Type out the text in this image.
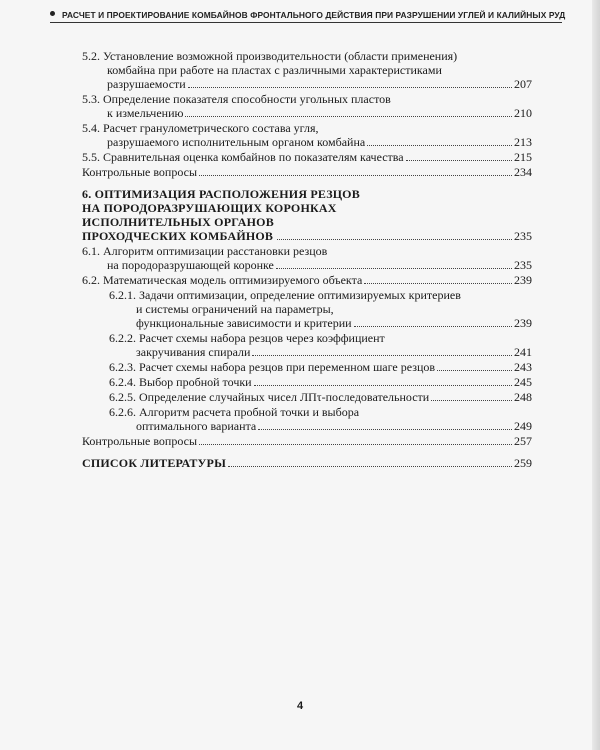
РАСЧЕТ И ПРОЕКТИРОВАНИЕ КОМБАЙНОВ ФРОНТАЛЬНОГО ДЕЙСТВИЯ ПРИ РАЗРУШЕНИИ УГЛЕЙ И КАЛИЙНЫХ РУД
5.2. Установление возможной производительности (области применения)
комбайна при работе на пластах с различными характеристиками
разрушаемости	207
5.3. Определение показателя способности угольных пластов
к измельчению	210
5.4. Расчет гранулометрического состава угля,
разрушаемого исполнительным органом комбайна	213
5.5. Сравнительная оценка комбайнов по показателям качества	215
Контрольные вопросы	234
6. ОПТИМИЗАЦИЯ РАСПОЛОЖЕНИЯ РЕЗЦОВ
НА ПОРОДОРАЗРУШАЮЩИХ КОРОНКАХ
ИСПОЛНИТЕЛЬНЫХ ОРГАНОВ
ПРОХОДЧЕСКИХ КОМБАЙНОВ	235
6.1. Алгоритм оптимизации расстановки резцов
на породоразрушающей коронке	235
6.2. Математическая модель оптимизируемого объекта	239
6.2.1. Задачи оптимизации, определение оптимизируемых критериев
и системы ограничений на параметры,
функциональные зависимости и критерии	239
6.2.2. Расчет схемы набора резцов через коэффициент
закручивания спирали	241
6.2.3. Расчет схемы набора резцов при переменном шаге резцов	243
6.2.4. Выбор пробной точки	245
6.2.5. Определение случайных чисел ЛПτ-последовательности	248
6.2.6. Алгоритм расчета пробной точки и выбора
оптимального варианта	249
Контрольные вопросы	257
СПИСОК ЛИТЕРАТУРЫ	259
4
